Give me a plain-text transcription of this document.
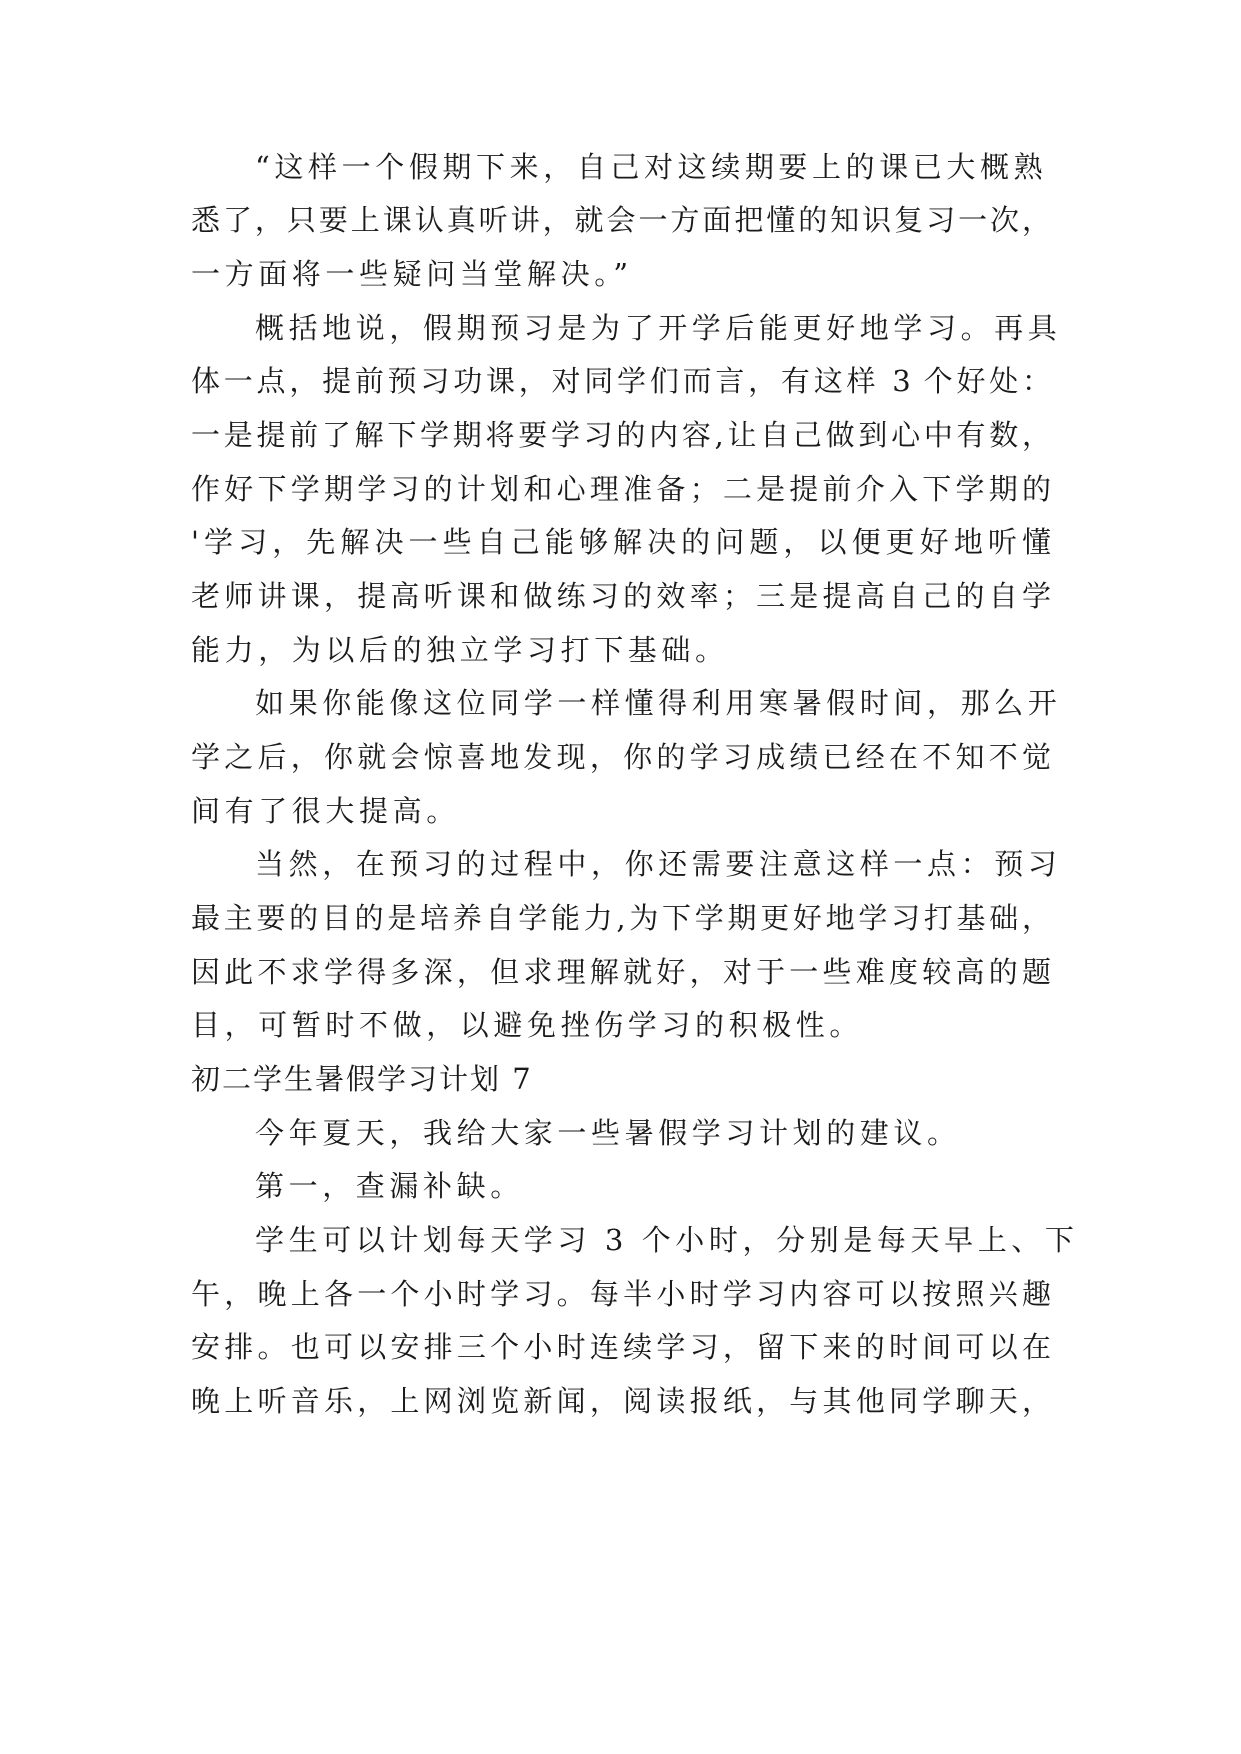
“这样一个假期下来，自己对这续期要上的课已大概熟
悉了，只要上课认真听讲，就会一方面把懂的知识复习一次，
一方面将一些疑问当堂解决。”
概括地说，假期预习是为了开学后能更好地学习。再具
体一点，提前预习功课，对同学们而言，有这样 3 个好处：
一是提前了解下学期将要学习的内容,让自己做到心中有数，
作好下学期学习的计划和心理准备；二是提前介入下学期的
'学习，先解决一些自己能够解决的问题，以便更好地听懂
老师讲课，提高听课和做练习的效率；三是提高自己的自学
能力，为以后的独立学习打下基础。
如果你能像这位同学一样懂得利用寒暑假时间，那么开
学之后，你就会惊喜地发现，你的学习成绩已经在不知不觉
间有了很大提高。
当然，在预习的过程中，你还需要注意这样一点：预习
最主要的目的是培养自学能力,为下学期更好地学习打基础，
因此不求学得多深，但求理解就好，对于一些难度较高的题
目，可暂时不做，以避免挫伤学习的积极性。
初二学生暑假学习计划 7
今年夏天，我给大家一些暑假学习计划的建议。
第一，查漏补缺。
学生可以计划每天学习 3 个小时，分别是每天早上、下
午，晚上各一个小时学习。每半小时学习内容可以按照兴趣
安排。也可以安排三个小时连续学习，留下来的时间可以在
晚上听音乐，上网浏览新闻，阅读报纸，与其他同学聊天，
